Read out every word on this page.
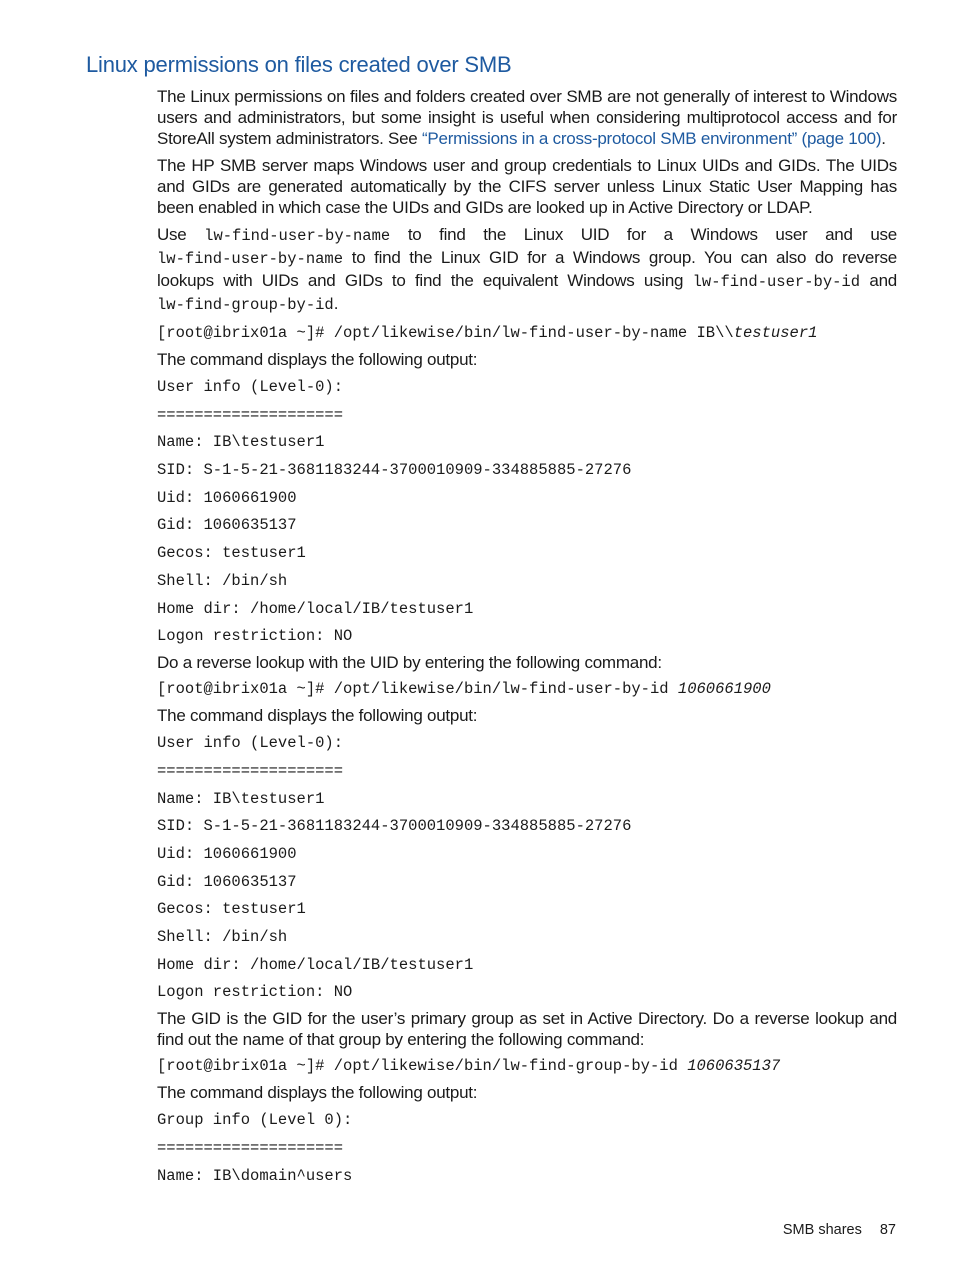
Linux permissions on files created over SMB

The Linux permissions on files and folders created over SMB are not generally of interest to Windows users and administrators, but some insight is useful when considering multiprotocol access and for StoreAll system administrators. See “Permissions in a cross-protocol SMB environment” (page 100).

The HP SMB server maps Windows user and group credentials to Linux UIDs and GIDs. The UIDs and GIDs are generated automatically by the CIFS server unless Linux Static User Mapping has been enabled in which case the UIDs and GIDs are looked up in Active Directory or LDAP.

Use lw-find-user-by-name to find the Linux UID for a Windows user and use lw-find-user-by-name to find the Linux GID for a Windows group. You can also do reverse lookups with UIDs and GIDs to find the equivalent Windows using lw-find-user-by-id and lw-find-group-by-id.

[root@ibrix01a ~]# /opt/likewise/bin/lw-find-user-by-name IB\\testuser1

The command displays the following output:

User info (Level-0):
====================
Name: IB\testuser1
SID: S-1-5-21-3681183244-3700010909-334885885-27276
Uid: 1060661900
Gid: 1060635137
Gecos: testuser1
Shell: /bin/sh
Home dir: /home/local/IB/testuser1
Logon restriction: NO

Do a reverse lookup with the UID by entering the following command:

[root@ibrix01a ~]# /opt/likewise/bin/lw-find-user-by-id 1060661900

The command displays the following output:

User info (Level-0):
====================
Name: IB\testuser1
SID: S-1-5-21-3681183244-3700010909-334885885-27276
Uid: 1060661900
Gid: 1060635137
Gecos: testuser1
Shell: /bin/sh
Home dir: /home/local/IB/testuser1
Logon restriction: NO

The GID is the GID for the user’s primary group as set in Active Directory. Do a reverse lookup and find out the name of that group by entering the following command:

[root@ibrix01a ~]# /opt/likewise/bin/lw-find-group-by-id 1060635137

The command displays the following output:

Group info (Level 0):
====================
Name: IB\domain^users
SMB shares 87
